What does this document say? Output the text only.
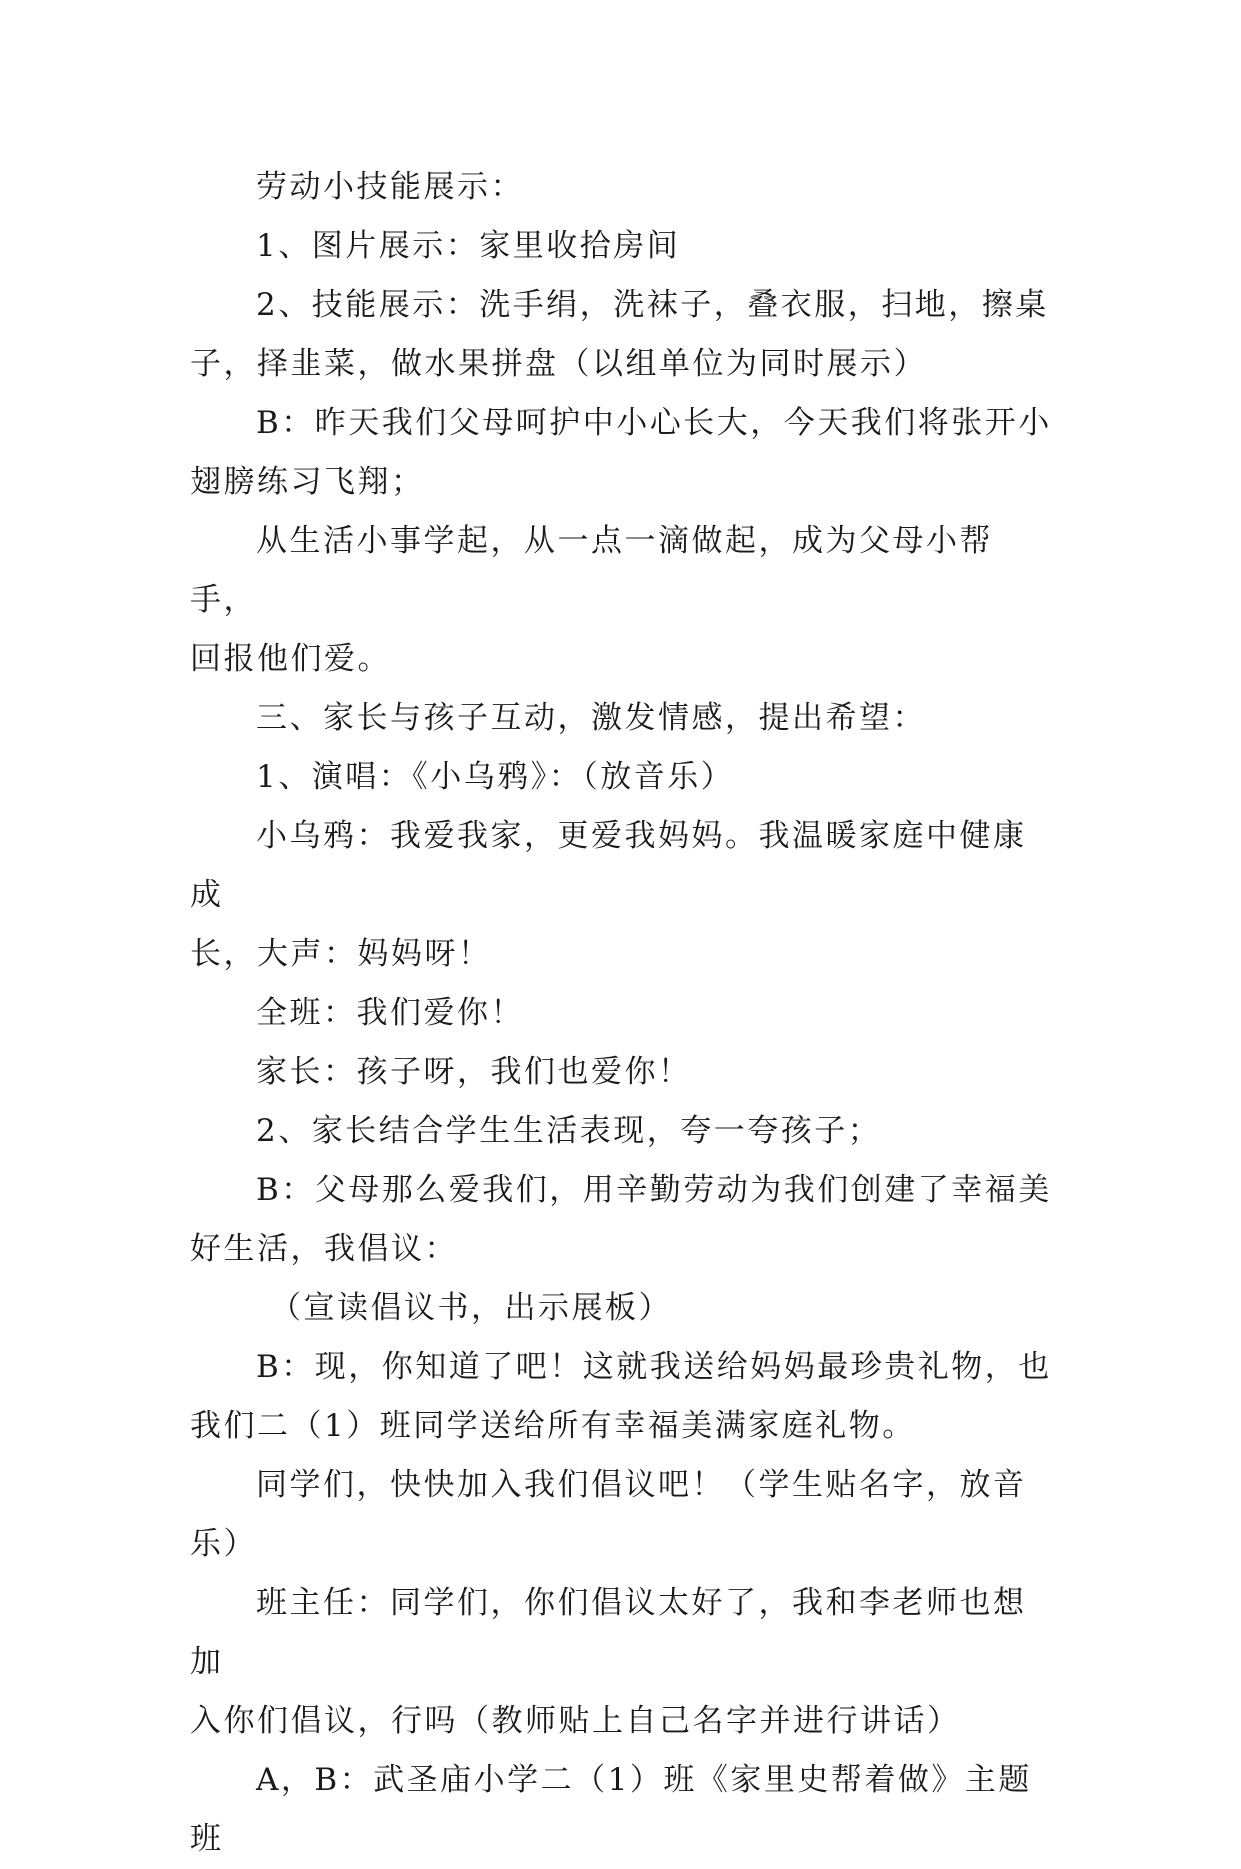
劳动小技能展示：

1、图片展示：家里收拾房间

2、技能展示：洗手绢，洗袜子，叠衣服，扫地，擦桌
子，择韭菜，做水果拼盘（以组单位为同时展示）

B：昨天我们父母呵护中小心长大，今天我们将张开小
翅膀练习飞翔；

从生活小事学起，从一点一滴做起，成为父母小帮手，
回报他们爱。

三、家长与孩子互动，激发情感，提出希望：

1、演唱：《小乌鸦》：（放音乐）

小乌鸦：我爱我家，更爱我妈妈。我温暖家庭中健康成
长，大声：妈妈呀！

全班：我们爱你！

家长：孩子呀，我们也爱你！

2、家长结合学生生活表现，夸一夸孩子；

B：父母那么爱我们，用辛勤劳动为我们创建了幸福美
好生活，我倡议：

（宣读倡议书，出示展板）

B：现，你知道了吧！这就我送给妈妈最珍贵礼物，也
我们二（1）班同学送给所有幸福美满家庭礼物。

同学们，快快加入我们倡议吧！（学生贴名字，放音乐）

班主任：同学们，你们倡议太好了，我和李老师也想加
入你们倡议，行吗（教师贴上自己名字并进行讲话）

A，B：武圣庙小学二（1）班《家里史帮着做》主题班
